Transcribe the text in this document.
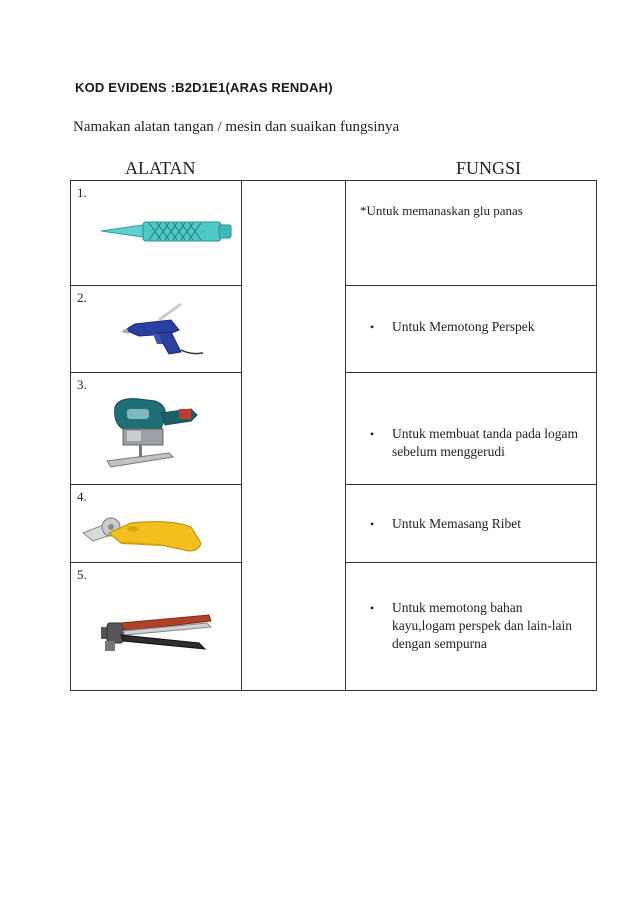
KOD EVIDENS :B2D1E1(ARAS RENDAH)
Namakan alatan tangan / mesin dan suaikan fungsinya
ALATAN	FUNGSI
1.		*Untuk memanaskan glu panas

2.		• Untuk Memotong Perspek

3.		• Untuk membuat tanda pada logam sebelum menggerudi

4.		• Untuk Memasang Ribet

5.		• Untuk memotong bahan kayu,logam perspek dan lain-lain dengan sempurna
